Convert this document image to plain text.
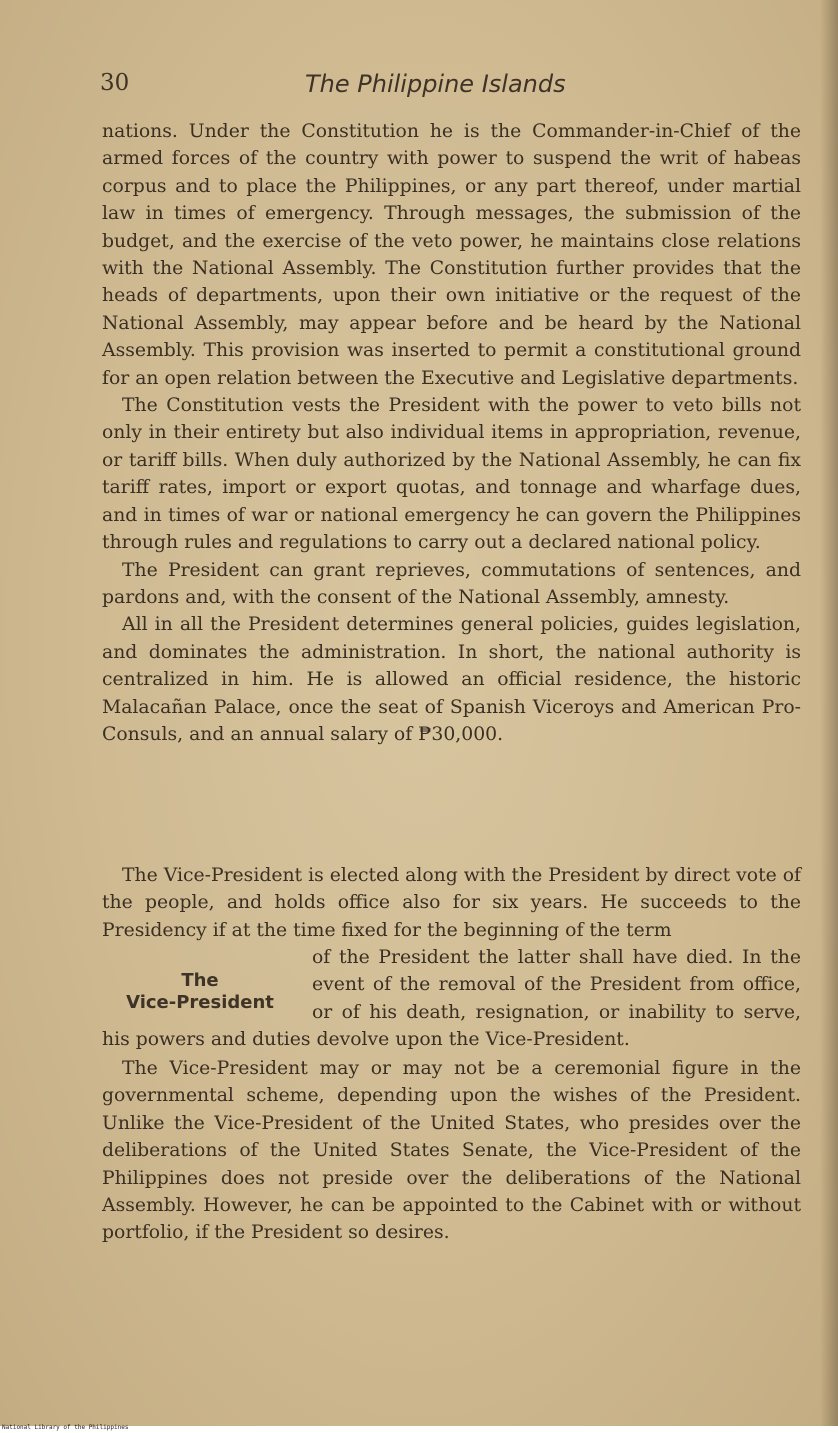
30	The Philippine Islands

nations. Under the Constitution he is the Commander-in-Chief of the armed forces of the country with power to suspend the writ of habeas corpus and to place the Philippines, or any part thereof, under martial law in times of emergency. Through messages, the submission of the budget, and the exercise of the veto power, he maintains close relations with the National Assembly. The Constitution further provides that the heads of departments, upon their own initiative or the request of the National Assembly, may appear before and be heard by the National Assembly. This provision was inserted to permit a constitutional ground for an open relation between the Executive and Legislative departments.

The Constitution vests the President with the power to veto bills not only in their entirety but also individual items in appropriation, revenue, or tariff bills. When duly authorized by the National Assembly, he can fix tariff rates, import or export quotas, and tonnage and wharfage dues, and in times of war or national emergency he can govern the Philippines through rules and regulations to carry out a declared national policy.

The President can grant reprieves, commutations of sentences, and pardons and, with the consent of the National Assembly, amnesty.

All in all the President determines general policies, guides legislation, and dominates the administration. In short, the national authority is centralized in him. He is allowed an official residence, the historic Malacañan Palace, once the seat of Spanish Viceroys and American Pro-Consuls, and an annual salary of ₱30,000.

The Vice-President is elected along with the President by direct vote of the people, and holds office also for six years. He succeeds to the Presidency if at the time fixed for the beginning of the term

The
Vice-President
of the President the latter shall have died. In the event of the removal of the President from office, or of his death, resignation, or inability to serve, his powers and duties devolve upon the Vice-President.

The Vice-President may or may not be a ceremonial figure in the governmental scheme, depending upon the wishes of the President. Unlike the Vice-President of the United States, who presides over the deliberations of the United States Senate, the Vice-President of the Philippines does not preside over the deliberations of the National Assembly. However, he can be appointed to the Cabinet with or without portfolio, if the President so desires.

National Library of the Philippines
